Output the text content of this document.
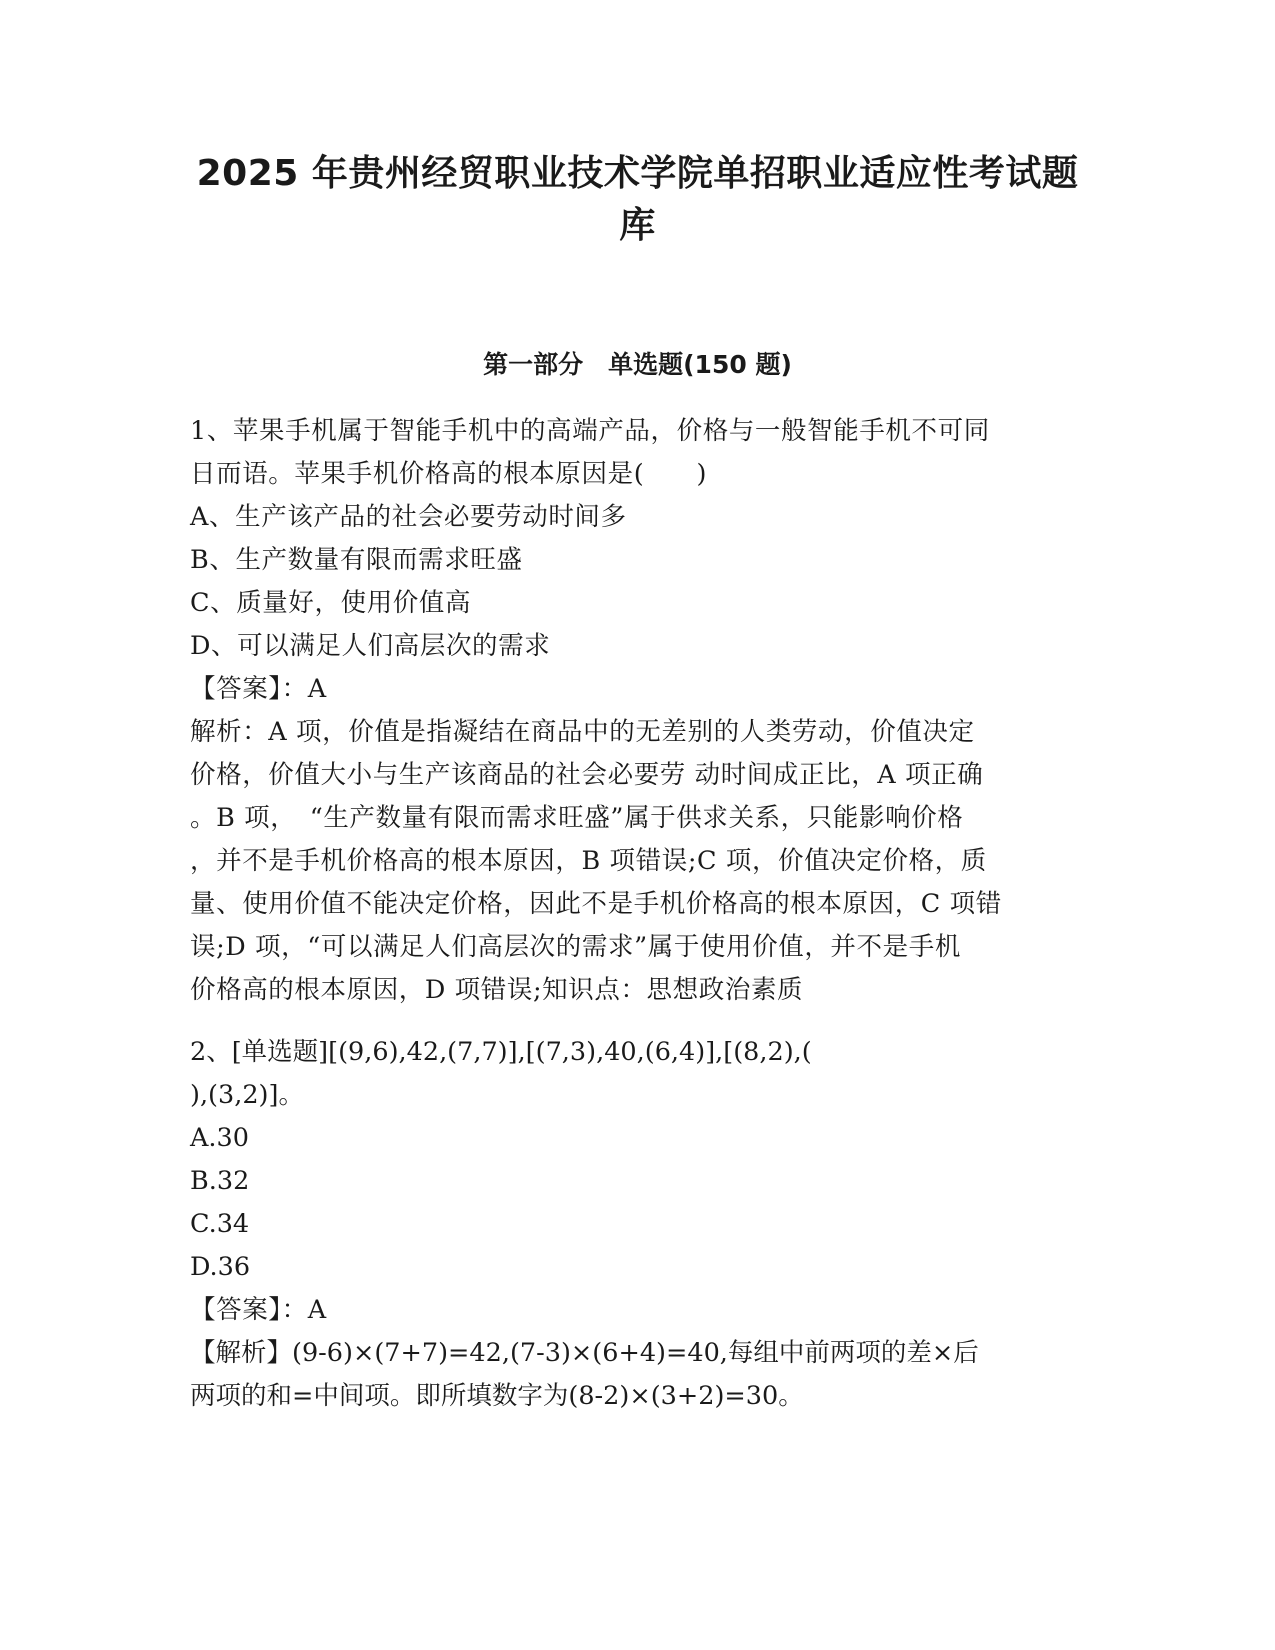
2025 年贵州经贸职业技术学院单招职业适应性考试题
库
第一部分　单选题(150 题)
1、苹果手机属于智能手机中的高端产品，价格与一般智能手机不可同
日而语。苹果手机价格高的根本原因是(　　)
A、生产该产品的社会必要劳动时间多
B、生产数量有限而需求旺盛
C、质量好，使用价值高
D、可以满足人们高层次的需求
【答案】：A
解析：A 项，价值是指凝结在商品中的无差别的人类劳动，价值决定
价格，价值大小与生产该商品的社会必要劳 动时间成正比，A 项正确
。B 项，　“生产数量有限而需求旺盛”属于供求关系，只能影响价格
，并不是手机价格高的根本原因，B 项错误;C 项，价值决定价格，质
量、使用价值不能决定价格，因此不是手机价格高的根本原因，C 项错
误;D 项，“可以满足人们高层次的需求”属于使用价值，并不是手机
价格高的根本原因，D 项错误;知识点：思想政治素质
2、[单选题][(9,6),42,(7,7)],[(7,3),40,(6,4)],[(8,2),(
),(3,2)]。
A.30
B.32
C.34
D.36
【答案】：A
【解析】(9-6)×(7+7)=42,(7-3)×(6+4)=40,每组中前两项的差×后
两项的和=中间项。即所填数字为(8-2)×(3+2)=30。
